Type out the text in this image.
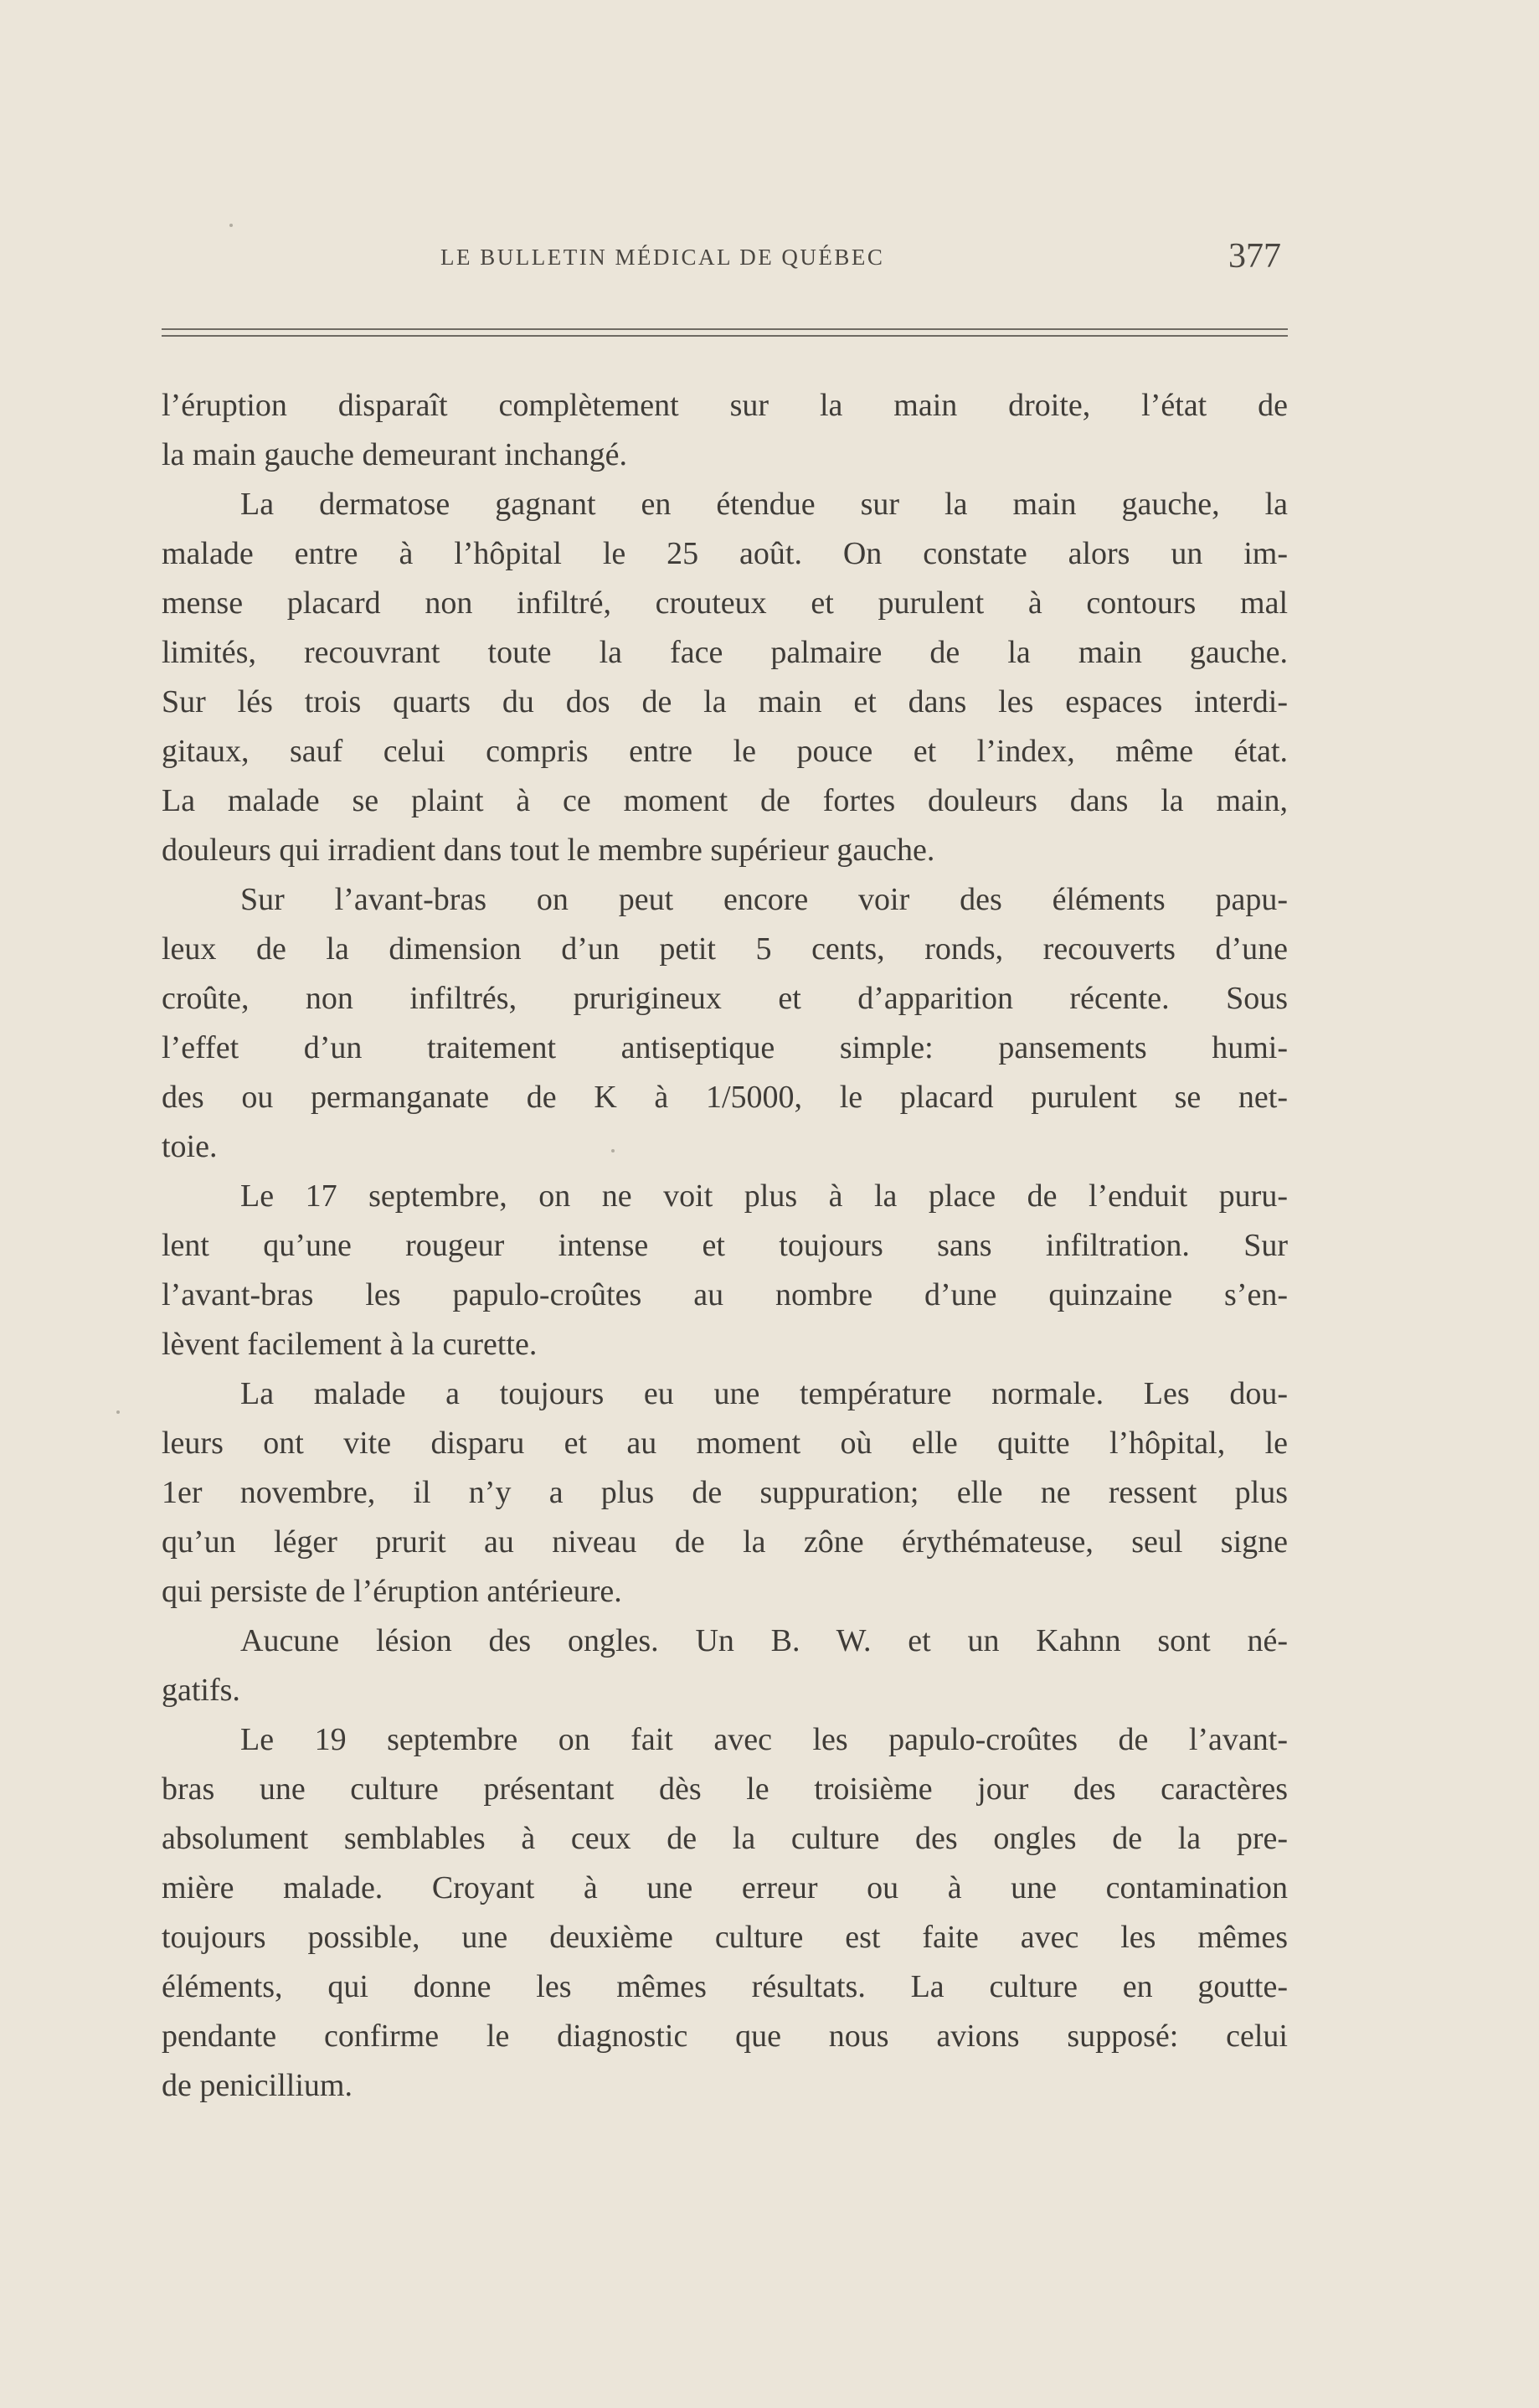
LE BULLETIN MÉDICAL DE QUÉBEC	377
l’éruption disparaît complètement sur la main droite, l’état de
la main gauche demeurant inchangé.
La dermatose gagnant en étendue sur la main gauche, la
malade entre à l’hôpital le 25 août. On constate alors un im-
mense placard non infiltré, crouteux et purulent à contours mal
limités, recouvrant toute la face palmaire de la main gauche.
Sur lés trois quarts du dos de la main et dans les espaces interdi-
gitaux, sauf celui compris entre le pouce et l’index, même état.
La malade se plaint à ce moment de fortes douleurs dans la main,
douleurs qui irradient dans tout le membre supérieur gauche.
Sur l’avant-bras on peut encore voir des éléments papu-
leux de la dimension d’un petit 5 cents, ronds, recouverts d’une
croûte, non infiltrés, prurigineux et d’apparition récente. Sous
l’effet d’un traitement antiseptique simple: pansements humi-
des ou permanganate de K à 1/5000, le placard purulent se net-
toie.
Le 17 septembre, on ne voit plus à la place de l’enduit puru-
lent qu’une rougeur intense et toujours sans infiltration. Sur
l’avant-bras les papulo-croûtes au nombre d’une quinzaine s’en-
lèvent facilement à la curette.
La malade a toujours eu une température normale. Les dou-
leurs ont vite disparu et au moment où elle quitte l’hôpital, le
1er novembre, il n’y a plus de suppuration; elle ne ressent plus
qu’un léger prurit au niveau de la zône érythémateuse, seul signe
qui persiste de l’éruption antérieure.
Aucune lésion des ongles. Un B. W. et un Kahnn sont né-
gatifs.
Le 19 septembre on fait avec les papulo-croûtes de l’avant-
bras une culture présentant dès le troisième jour des caractères
absolument semblables à ceux de la culture des ongles de la pre-
mière malade. Croyant à une erreur ou à une contamination
toujours possible, une deuxième culture est faite avec les mêmes
éléments, qui donne les mêmes résultats. La culture en goutte-
pendante confirme le diagnostic que nous avions supposé: celui
de penicillium.
